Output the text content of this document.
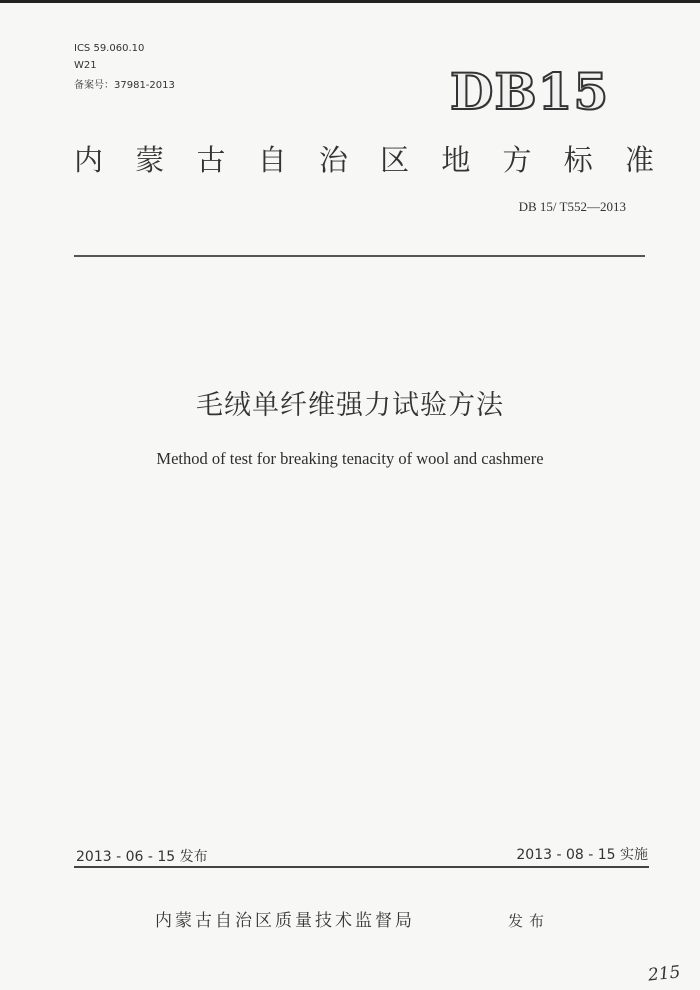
ICS 59.060.10
W21
备案号：37981-2013	DB15
内 蒙 古 自 治 区 地 方 标 准
DB 15/ T552—2013
毛绒单纤维强力试验方法
Method of test for breaking tenacity of wool and cashmere
2013 - 06 - 15 发布	2013 - 08 - 15 实施
内蒙古自治区质量技术监督局	发布
215
